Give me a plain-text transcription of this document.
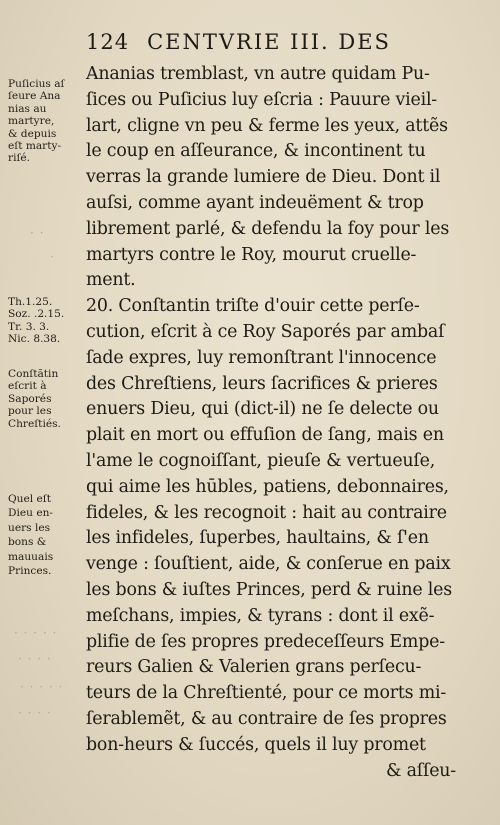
124 CENTVRIE III. DES
Ananias tremblast, vn autre quidam Pu-
ſices ou Puſicius luy eſcria : Pauure vieil-
lart, cligne vn peu & ferme les yeux, attẽs
le coup en aſſeurance, & incontinent tu
verras la grande lumiere de Dieu. Dont il
auſsi, comme ayant indeuëment & trop
librement parlé, & defendu la foy pour les
martyrs contre le Roy, mourut cruelle-
ment.
20. Conſtantin triſte d'ouir cette perſe-
cution, eſcrit à ce Roy Saporés par ambaſ
ſade expres, luy remonſtrant l'innocence
des Chreſtiens, leurs ſacrifices & prieres
enuers Dieu, qui (dict-il) ne ſe delecte ou
plait en mort ou effuſion de ſang, mais en
l'ame le cognoiſſant, pieuſe & vertueuſe,
qui aime les hūbles, patiens, debonnaires,
fideles, & les recognoit : hait au contraire
les infideles, ſuperbes, haultains, & ſ'en
venge : ſouſtient, aide, & conſerue en paix
les bons & iuſtes Princes, perd & ruine les
meſchans, impies, & tyrans : dont il exẽ-
plifie de ſes propres predeceſſeurs Empe-
reurs Galien & Valerien grans perſecu-
teurs de la Chreſtienté, pour ce morts mi-
ſerablemẽt, & au contraire de ſes propres
bon-heurs & ſuccés, quels il luy promet
& aſſeu-
Puſicius aſ
ſeure Ana
nias au
martyre,
& depuis
eſt marty-
riſé.
Th.1.25.
Soz. .2.15.
Tr. 3. 3.
Nic. 8.38.
Conſtãtin
eſcrit à
Saporés
pour les
Chreſtiés.
Quel eſt
Dieu en-
uers les
bons &
mauuais
Princes.
· · · · ·
· · · ·
· · · · ·
· · · ·
· ·
·
